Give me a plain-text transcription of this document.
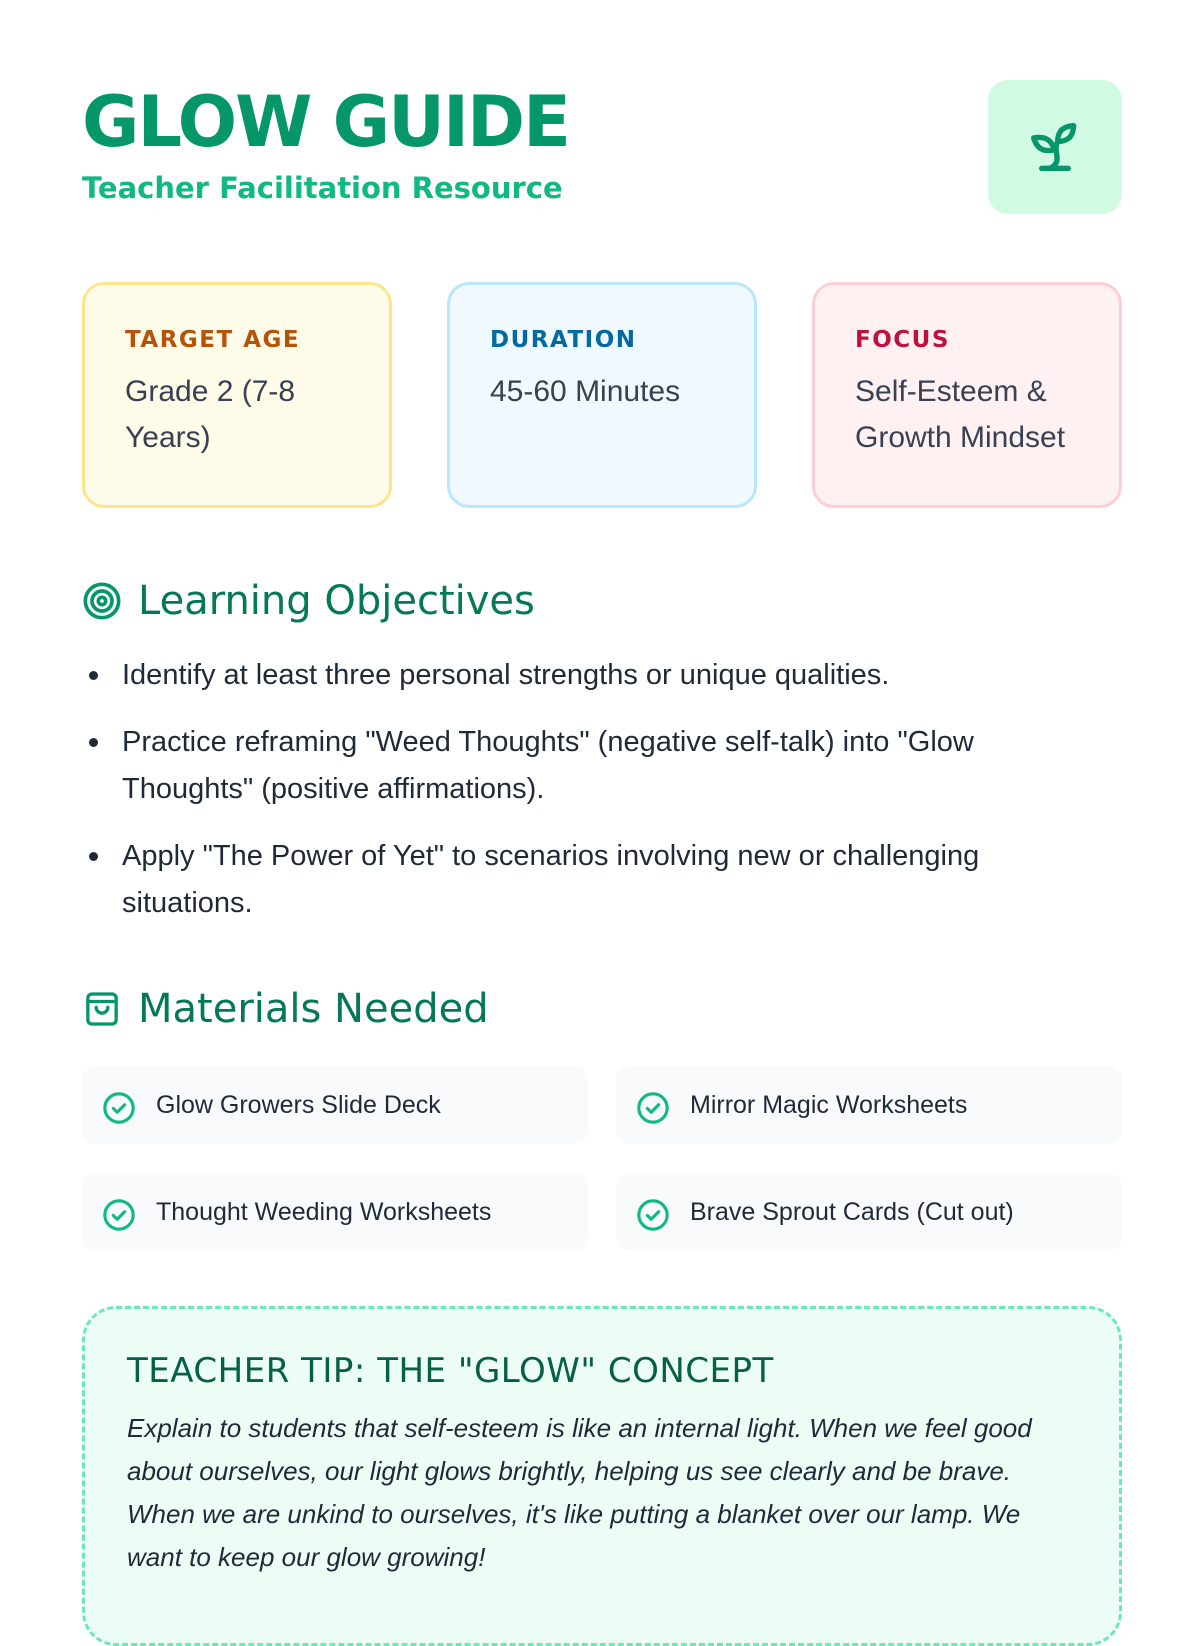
GLOW GUIDE

Teacher Facilitation Resource

TARGET AGE

Grade 2 (7-8 Years)

DURATION

45-60 Minutes

FOCUS

Self-Esteem & Growth Mindset

Learning Objectives
Identify at least three personal strengths or unique qualities.
Practice reframing "Weed Thoughts" (negative self-talk) into "Glow Thoughts" (positive affirmations).
Apply "The Power of Yet" to scenarios involving new or challenging situations.
Materials Needed
Glow Growers Slide Deck	Mirror Magic Worksheets
Thought Weeding Worksheets	Brave Sprout Cards (Cut out)
TEACHER TIP: THE "GLOW" CONCEPT

Explain to students that self-esteem is like an internal light. When we feel good about ourselves, our light glows brightly, helping us see clearly and be brave. When we are unkind to ourselves, it's like putting a blanket over our lamp. We want to keep our glow growing!
